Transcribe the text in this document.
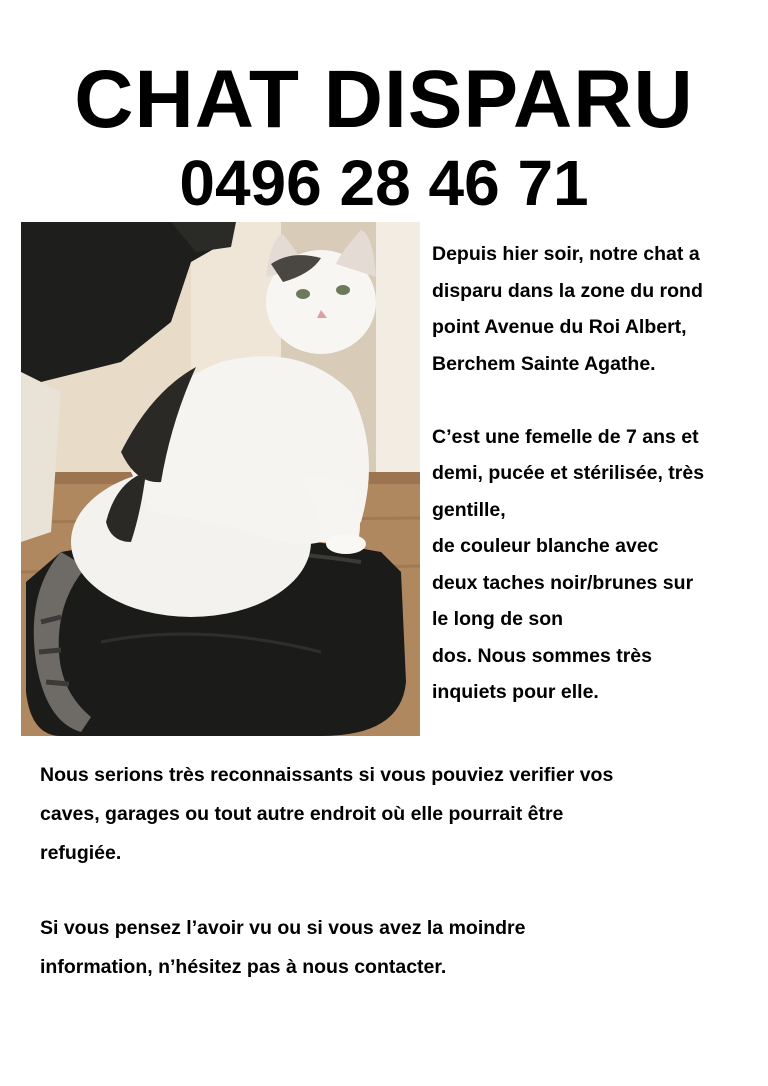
CHAT DISPARU
0496 28 46 71

Depuis hier soir, notre chat a
disparu dans la zone du rond
point Avenue du Roi Albert,
Berchem Sainte Agathe.

C’est une femelle de 7 ans et
demi, pucée et stérilisée, très
gentille,
de couleur blanche avec
deux taches noir/brunes sur
le long de son
dos. Nous sommes très
inquiets pour elle.

Nous serions très reconnaissants si vous pouviez verifier vos
caves, garages ou tout autre endroit où elle pourrait être
refugiée.

Si vous pensez l’avoir vu ou si vous avez la moindre
information, n’hésitez pas à nous contacter.
